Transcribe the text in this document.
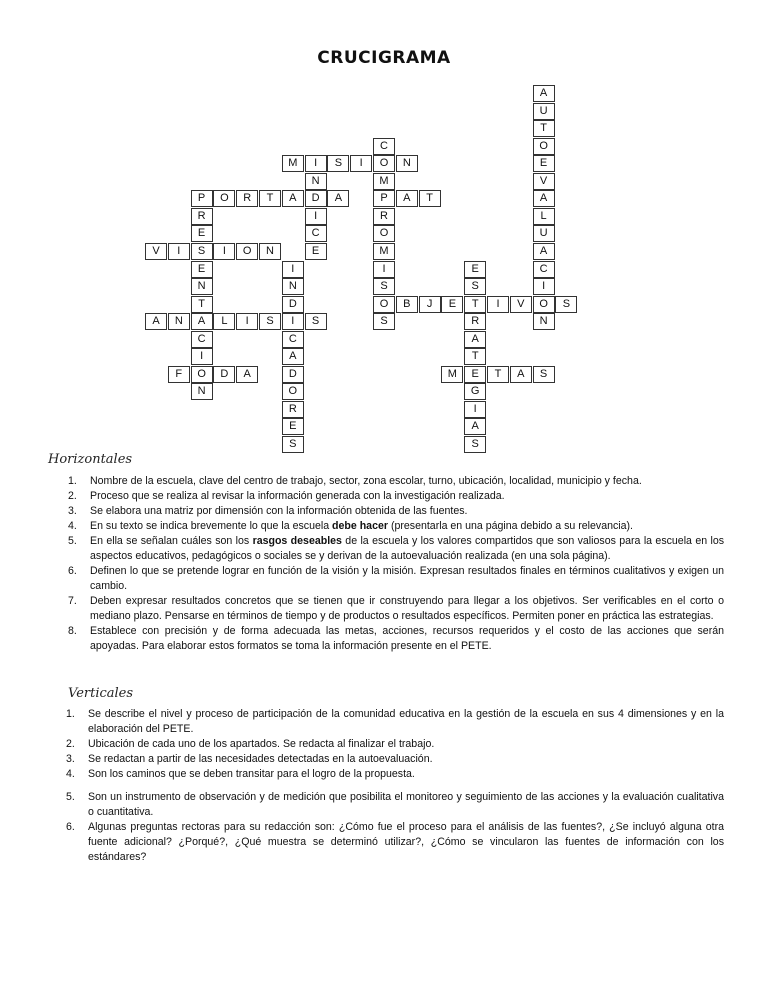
CRUCIGRAMA
M	I	S	I	O	N
P	O	R	T	A	D	A	P	A	T
V	I	S	I	O	N
O	B	J	E	T	I	V	O	S
A	N	A	L	I	S	I	S
F	O	D	A	M	E	T	A	S
A
U
T
O
E
V
A
L
U
A
C
I
N
C
M
R
O
M
I
S
S
N
I
C
E
R
E
E
N
T
C
I
N
I
N
D
C
A
D
O
R
E
S
E
S
R
A
T
G
I
A
S
Horizontales
1. Nombre de la escuela, clave del centro de trabajo, sector, zona escolar, turno, ubicación, localidad, municipio y fecha.
2. Proceso que se realiza al revisar la información generada con la investigación realizada.
3. Se elabora una matriz por dimensión con la información obtenida de las fuentes.
4. En su texto se indica brevemente lo que la escuela debe hacer (presentarla en una página debido a su relevancia).
5. En ella se señalan cuáles son los rasgos deseables de la escuela y los valores compartidos que son valiosos para la escuela en los aspectos educativos, pedagógicos o sociales se y derivan de la autoevaluación realizada (en una sola página).
6. Definen lo que se pretende lograr en función de la visión y la misión. Expresan resultados finales en términos cualitativos y exigen un cambio.
7. Deben expresar resultados concretos que se tienen que ir construyendo para llegar a los objetivos. Ser verificables en el corto o mediano plazo. Pensarse en términos de tiempo y de productos o resultados específicos. Permiten poner en práctica las estrategias.
8. Establece con precisión y de forma adecuada las metas, acciones, recursos requeridos y el costo de las acciones que serán apoyadas. Para elaborar estos formatos se toma la información presente en el PETE.
Verticales
1. Se describe el nivel y proceso de participación de la comunidad educativa en la gestión de la escuela en sus 4 dimensiones y en la elaboración del PETE.
2. Ubicación de cada uno de los apartados. Se redacta al finalizar el trabajo.
3. Se redactan a partir de las necesidades detectadas en la autoevaluación.
4. Son los caminos que se deben transitar para el logro de la propuesta.
5. Son un instrumento de observación y de medición que posibilita el monitoreo y seguimiento de las acciones y la evaluación cualitativa o cuantitativa.
6. Algunas preguntas rectoras para su redacción son: ¿Cómo fue el proceso para el análisis de las fuentes?, ¿Se incluyó alguna otra fuente adicional? ¿Porqué?, ¿Qué muestra se determinó utilizar?, ¿Cómo se vincularon las fuentes de información con los estándares?
